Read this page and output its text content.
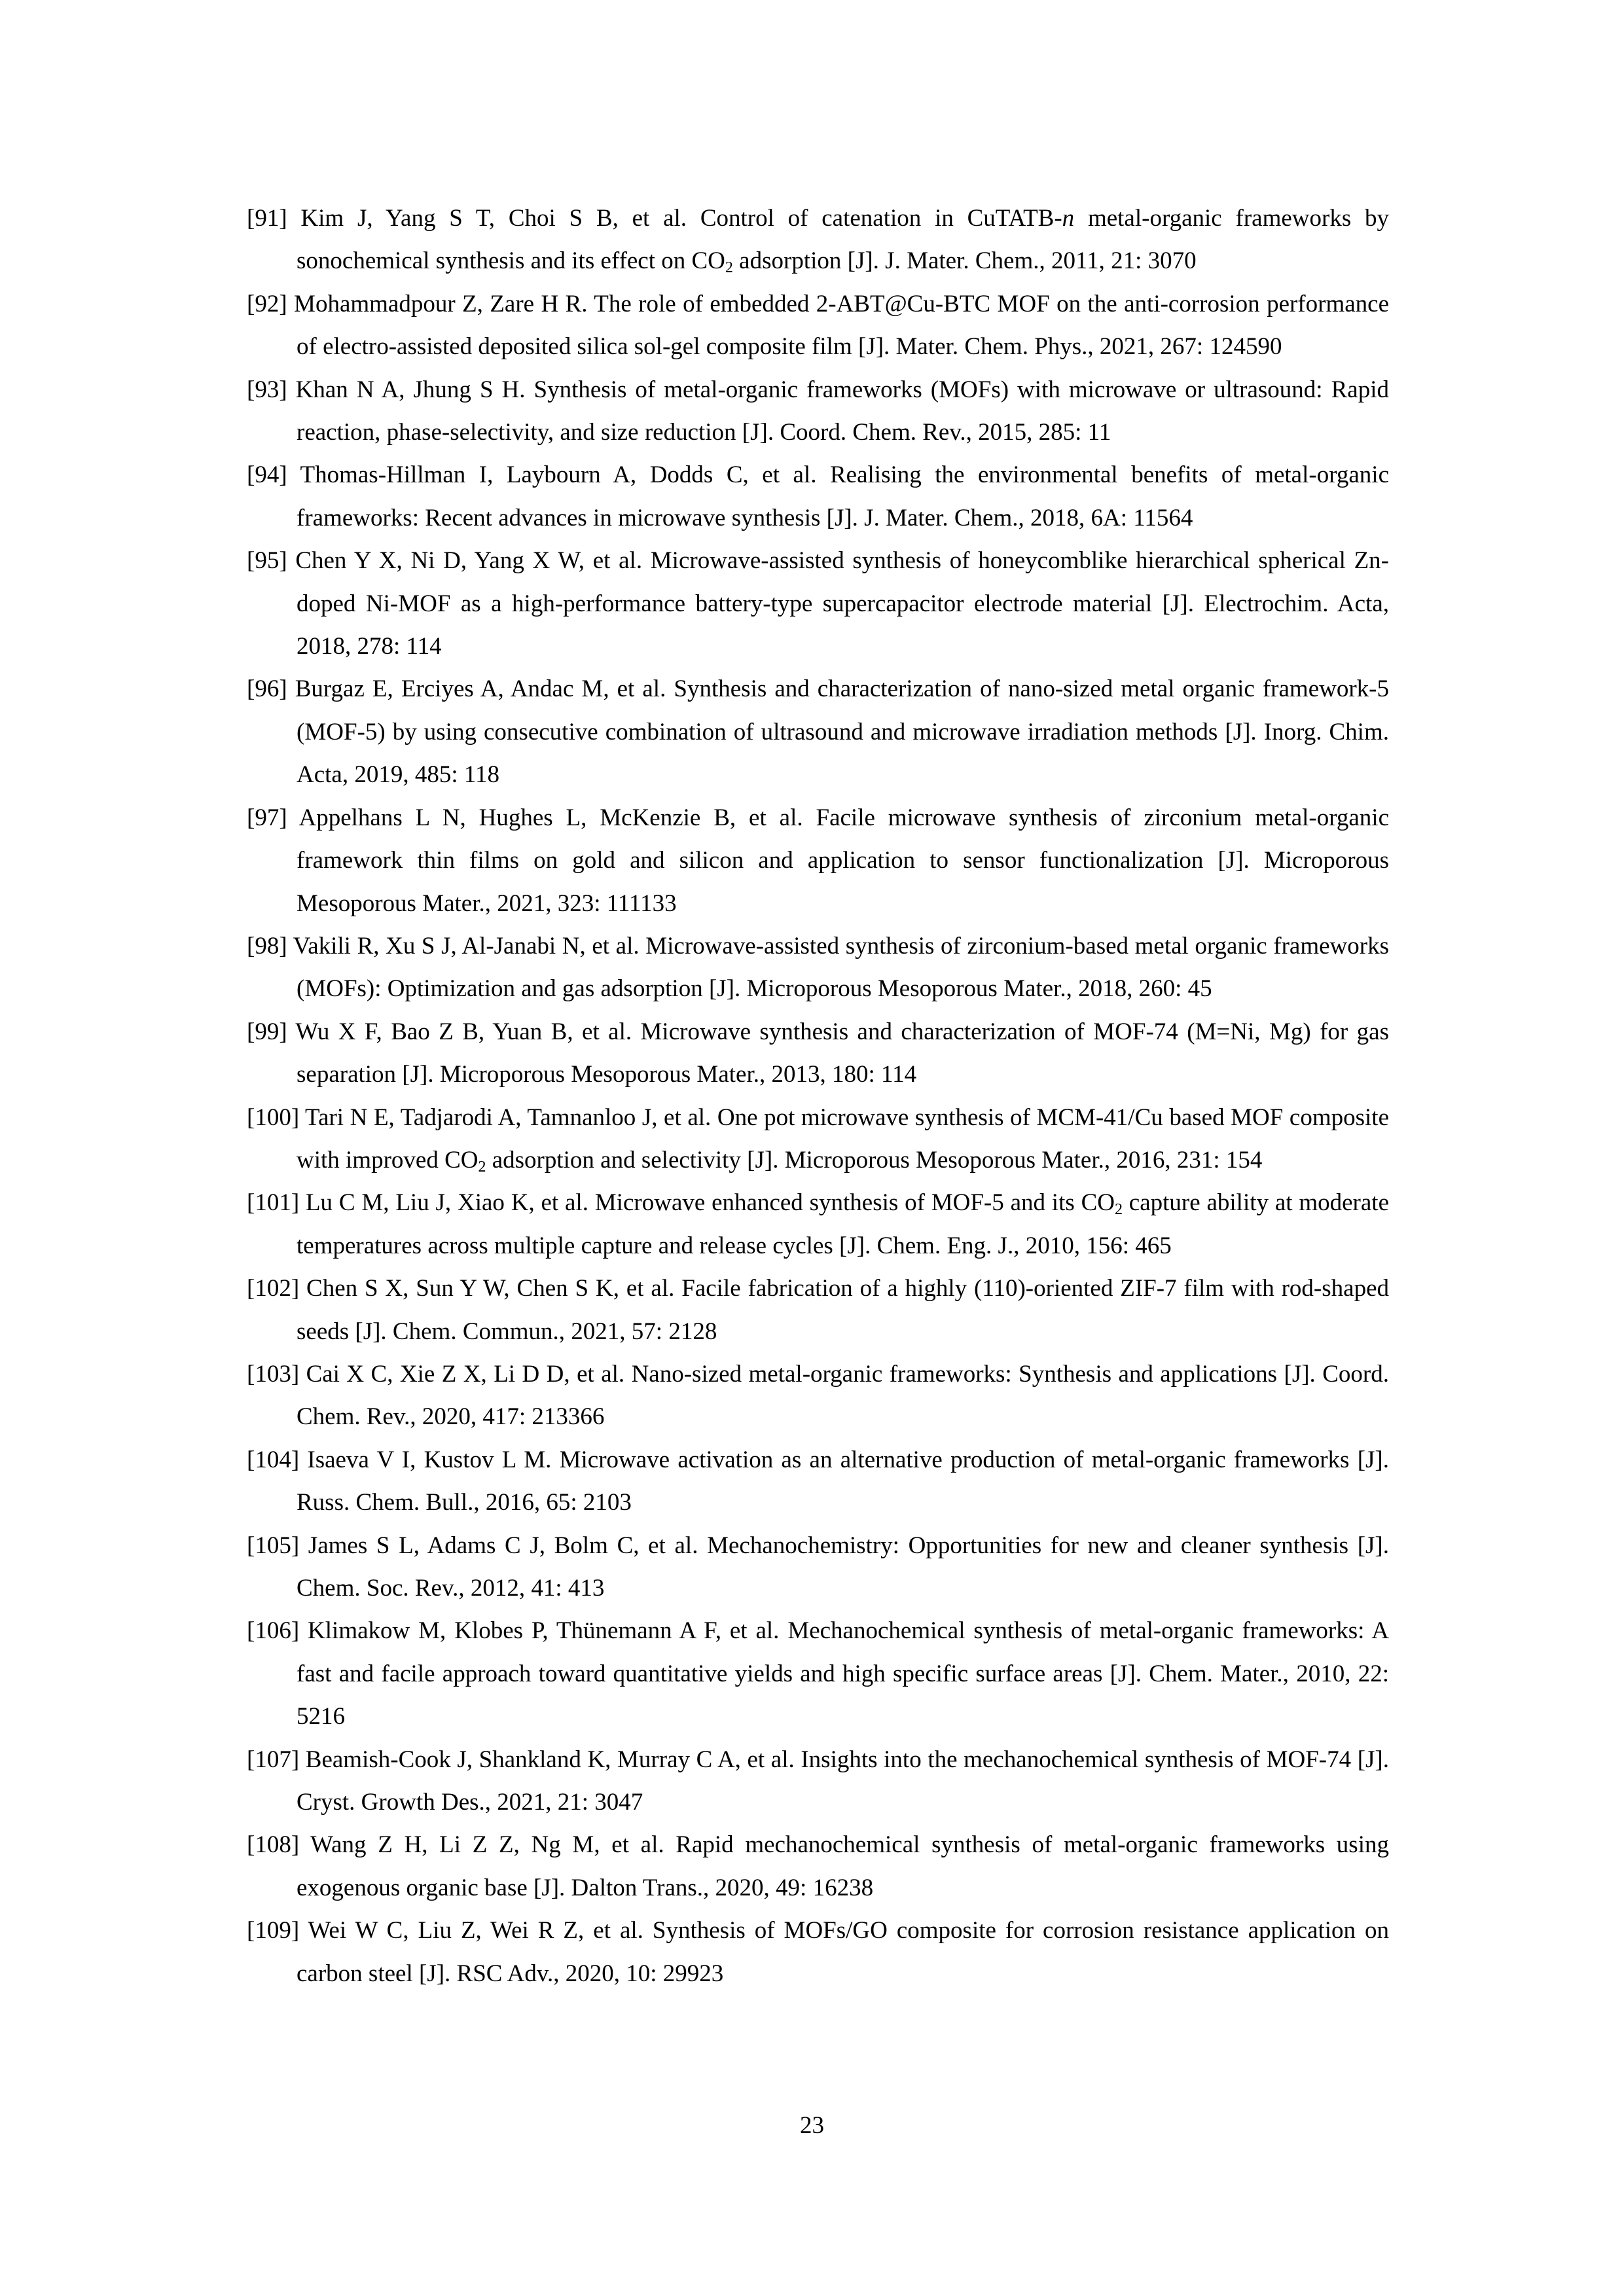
[91] Kim J, Yang S T, Choi S B, et al. Control of catenation in CuTATB-n metal-organic frameworks by sonochemical synthesis and its effect on $CO_2$ adsorption [J]. J. Mater. Chem., 2011, 21: 3070

[92] Mohammadpour Z, Zare H R. The role of embedded 2-ABT@Cu-BTC MOF on the anti-corrosion performance of electro-assisted deposited silica sol-gel composite film [J]. Mater. Chem. Phys., 2021, 267: 124590

[93] Khan N A, Jhung S H. Synthesis of metal-organic frameworks (MOFs) with microwave or ultrasound: Rapid reaction, phase-selectivity, and size reduction [J]. Coord. Chem. Rev., 2015, 285: 11

[94] Thomas-Hillman I, Laybourn A, Dodds C, et al. Realising the environmental benefits of metal-organic frameworks: Recent advances in microwave synthesis [J]. J. Mater. Chem., 2018, 6A: 11564

[95] Chen Y X, Ni D, Yang X W, et al. Microwave-assisted synthesis of honeycomblike hierarchical spherical Zn-doped Ni-MOF as a high-performance battery-type supercapacitor electrode material [J]. Electrochim. Acta, 2018, 278: 114

[96] Burgaz E, Erciyes A, Andac M, et al. Synthesis and characterization of nano-sized metal organic framework-5 (MOF-5) by using consecutive combination of ultrasound and microwave irradiation methods [J]. Inorg. Chim. Acta, 2019, 485: 118

[97] Appelhans L N, Hughes L, McKenzie B, et al. Facile microwave synthesis of zirconium metal-organic framework thin films on gold and silicon and application to sensor functionalization [J]. Microporous Mesoporous Mater., 2021, 323: 111133

[98] Vakili R, Xu S J, Al-Janabi N, et al. Microwave-assisted synthesis of zirconium-based metal organic frameworks (MOFs): Optimization and gas adsorption [J]. Microporous Mesoporous Mater., 2018, 260: 45

[99] Wu X F, Bao Z B, Yuan B, et al. Microwave synthesis and characterization of MOF-74 (M=Ni, Mg) for gas separation [J]. Microporous Mesoporous Mater., 2013, 180: 114

[100] Tari N E, Tadjarodi A, Tamnanloo J, et al. One pot microwave synthesis of MCM-41/Cu based MOF composite with improved $CO_2$ adsorption and selectivity [J]. Microporous Mesoporous Mater., 2016, 231: 154

[101] Lu C M, Liu J, Xiao K, et al. Microwave enhanced synthesis of MOF-5 and its $CO_2$ capture ability at moderate temperatures across multiple capture and release cycles [J]. Chem. Eng. J., 2010, 156: 465

[102] Chen S X, Sun Y W, Chen S K, et al. Facile fabrication of a highly (110)-oriented ZIF-7 film with rod-shaped seeds [J]. Chem. Commun., 2021, 57: 2128

[103] Cai X C, Xie Z X, Li D D, et al. Nano-sized metal-organic frameworks: Synthesis and applications [J]. Coord. Chem. Rev., 2020, 417: 213366

[104] Isaeva V I, Kustov L M. Microwave activation as an alternative production of metal-organic frameworks [J]. Russ. Chem. Bull., 2016, 65: 2103

[105] James S L, Adams C J, Bolm C, et al. Mechanochemistry: Opportunities for new and cleaner synthesis [J]. Chem. Soc. Rev., 2012, 41: 413

[106] Klimakow M, Klobes P, Thünemann A F, et al. Mechanochemical synthesis of metal-organic frameworks: A fast and facile approach toward quantitative yields and high specific surface areas [J]. Chem. Mater., 2010, 22: 5216

[107] Beamish-Cook J, Shankland K, Murray C A, et al. Insights into the mechanochemical synthesis of MOF-74 [J]. Cryst. Growth Des., 2021, 21: 3047

[108] Wang Z H, Li Z Z, Ng M, et al. Rapid mechanochemical synthesis of metal-organic frameworks using exogenous organic base [J]. Dalton Trans., 2020, 49: 16238

[109] Wei W C, Liu Z, Wei R Z, et al. Synthesis of MOFs/GO composite for corrosion resistance application on carbon steel [J]. RSC Adv., 2020, 10: 29923

23
